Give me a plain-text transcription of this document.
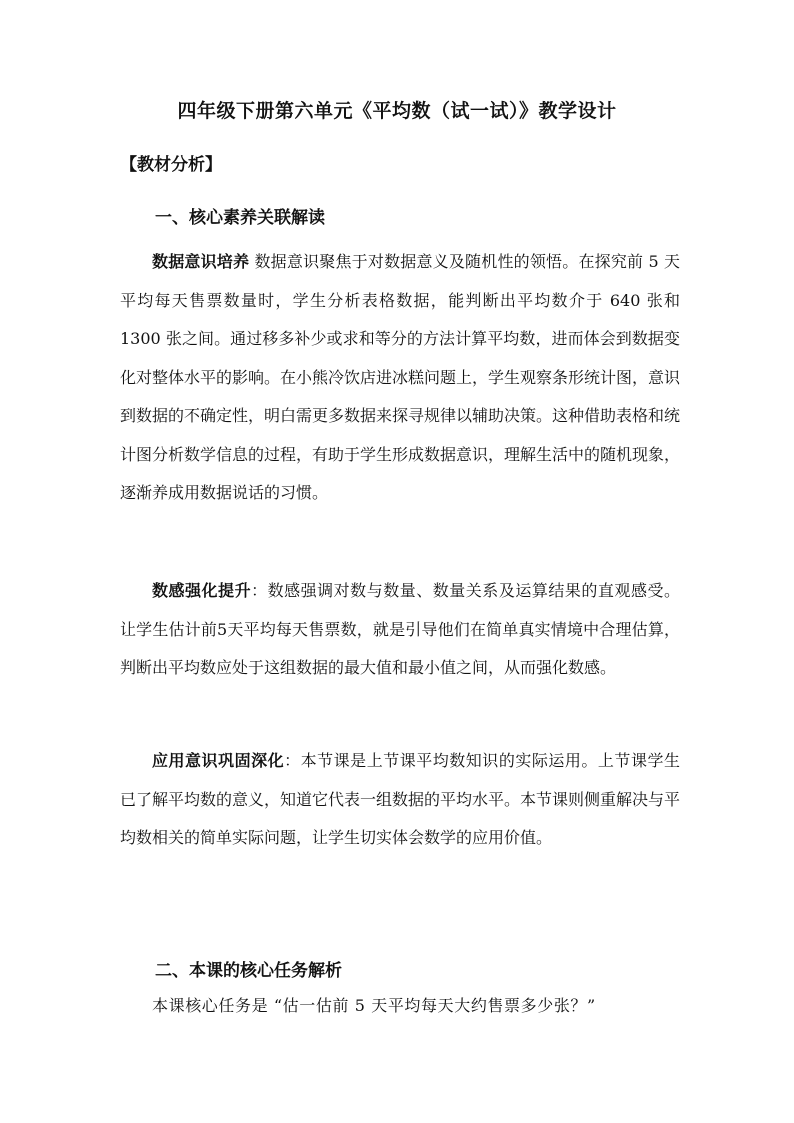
四年级下册第六单元《平均数（试一试）》教学设计
【教材分析】
一、核心素养关联解读

数据意识培养 数据意识聚焦于对数据意义及随机性的领悟。在探究前 5 天平均每天售票数量时，学生分析表格数据，能判断出平均数介于 640 张和 1300 张之间。通过移多补少或求和等分的方法计算平均数，进而体会到数据变化对整体水平的影响。在小熊冷饮店进冰糕问题上，学生观察条形统计图，意识到数据的不确定性，明白需更多数据来探寻规律以辅助决策。这种借助表格和统计图分析数学信息的过程，有助于学生形成数据意识，理解生活中的随机现象，逐渐养成用数据说话的习惯。

数感强化提升：数感强调对数与数量、数量关系及运算结果的直观感受。让学生估计前5天平均每天售票数，就是引导他们在简单真实情境中合理估算，判断出平均数应处于这组数据的最大值和最小值之间，从而强化数感。

应用意识巩固深化：本节课是上节课平均数知识的实际运用。上节课学生已了解平均数的意义，知道它代表一组数据的平均水平。本节课则侧重解决与平均数相关的简单实际问题，让学生切实体会数学的应用价值。

二、本课的核心任务解析

本课核心任务是 “估一估前 5 天平均每天大约售票多少张？”
